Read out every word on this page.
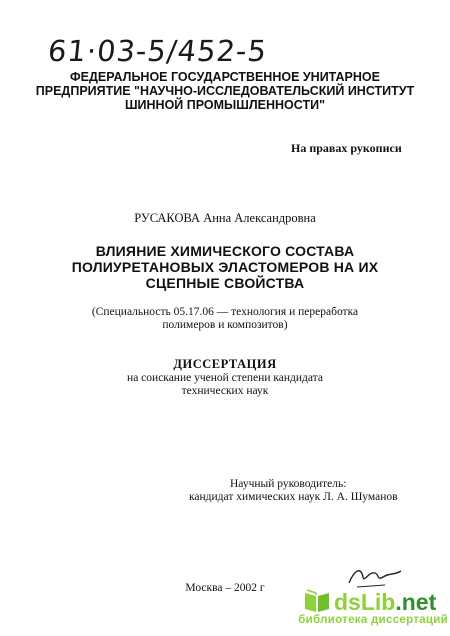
61·03-5/452-5
ФЕДЕРАЛЬНОЕ ГОСУДАРСТВЕННОЕ УНИТАРНОЕ
ПРЕДПРИЯТИЕ "НАУЧНО-ИССЛЕДОВАТЕЛЬСКИЙ ИНСТИТУТ
ШИННОЙ ПРОМЫШЛЕННОСТИ"
На правах рукописи
РУСАКОВА Анна Александровна
ВЛИЯНИЕ ХИМИЧЕСКОГО СОСТАВА
ПОЛИУРЕТАНОВЫХ ЭЛАСТОМЕРОВ НА ИХ
СЦЕПНЫЕ СВОЙСТВА
(Специальность 05.17.06 — технология и переработка
полимеров и композитов)
ДИССЕРТАЦИЯ
на соискание ученой степени кандидата
технических наук
Научный руководитель:
кандидат химических наук Л. А. Шуманов
Москва – 2002 г
dsLib.net
библиотека диссертаций
